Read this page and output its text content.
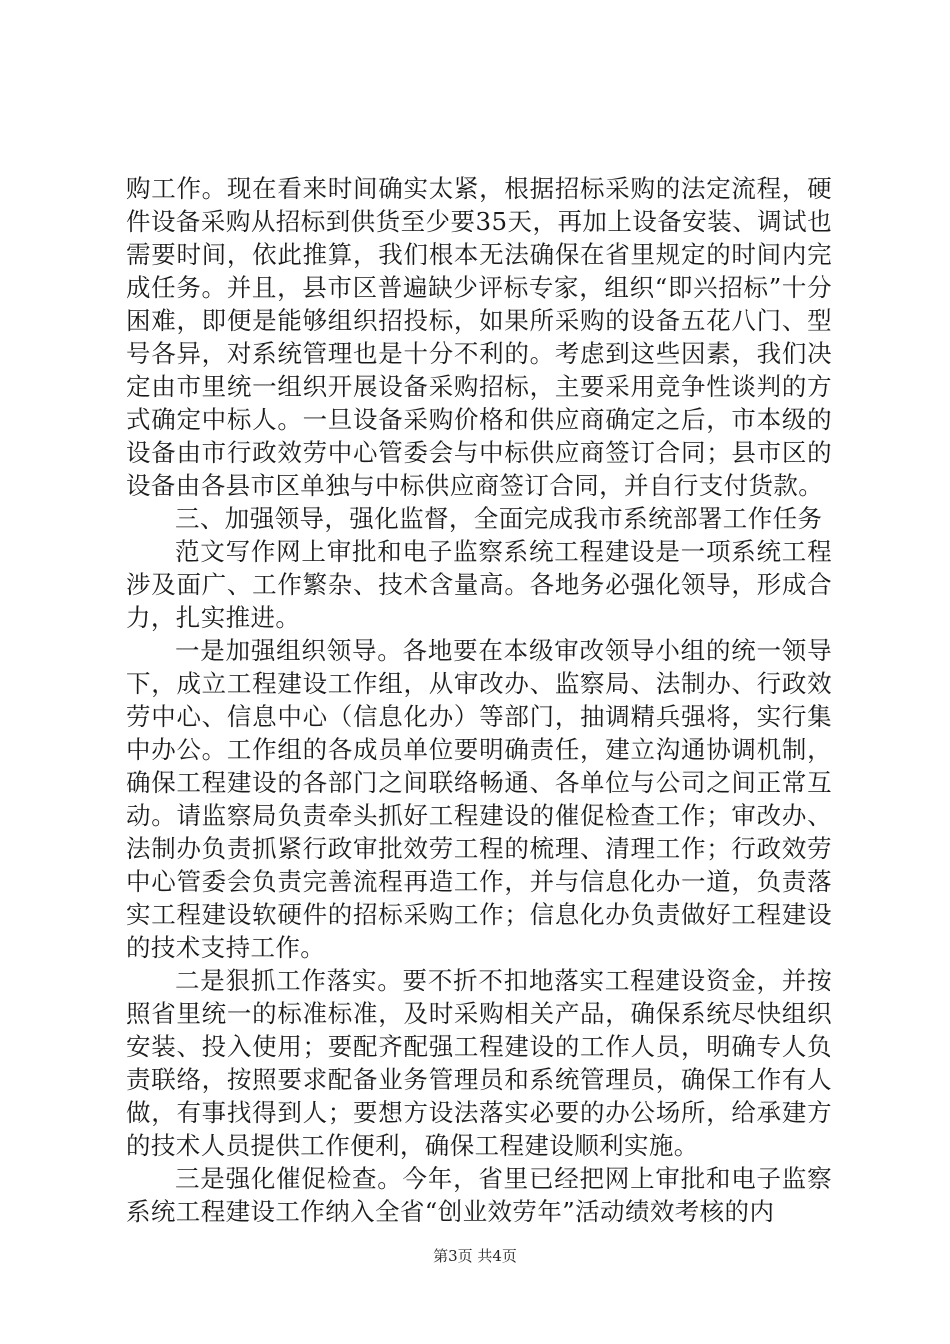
购工作。现在看来时间确实太紧，根据招标采购的法定流程，硬件设备采购从招标到供货至少要35天，再加上设备安装、调试也需要时间，依此推算，我们根本无法确保在省里规定的时间内完成任务。并且，县市区普遍缺少评标专家，组织“即兴招标”十分困难，即便是能够组织招投标，如果所采购的设备五花八门、型号各异，对系统管理也是十分不利的。考虑到这些因素，我们决定由市里统一组织开展设备采购招标，主要采用竞争性谈判的方式确定中标人。一旦设备采购价格和供应商确定之后，市本级的设备由市行政效劳中心管委会与中标供应商签订合同；县市区的设备由各县市区单独与中标供应商签订合同，并自行支付货款。

三、加强领导，强化监督，全面完成我市系统部署工作任务

范文写作网上审批和电子监察系统工程建设是一项系统工程涉及面广、工作繁杂、技术含量高。各地务必强化领导，形成合力，扎实推进。

一是加强组织领导。各地要在本级审改领导小组的统一领导下，成立工程建设工作组，从审改办、监察局、法制办、行政效劳中心、信息中心（信息化办）等部门，抽调精兵强将，实行集中办公。工作组的各成员单位要明确责任，建立沟通协调机制，确保工程建设的各部门之间联络畅通、各单位与公司之间正常互动。请监察局负责牵头抓好工程建设的催促检查工作；审改办、法制办负责抓紧行政审批效劳工程的梳理、清理工作；行政效劳中心管委会负责完善流程再造工作，并与信息化办一道，负责落实工程建设软硬件的招标采购工作；信息化办负责做好工程建设的技术支持工作。

二是狠抓工作落实。要不折不扣地落实工程建设资金，并按照省里统一的标准标准，及时采购相关产品，确保系统尽快组织安装、投入使用；要配齐配强工程建设的工作人员，明确专人负责联络，按照要求配备业务管理员和系统管理员，确保工作有人做，有事找得到人；要想方设法落实必要的办公场所，给承建方的技术人员提供工作便利，确保工程建设顺利实施。

三是强化催促检查。今年，省里已经把网上审批和电子监察系统工程建设工作纳入全省“创业效劳年”活动绩效考核的内

第3页 共4页
